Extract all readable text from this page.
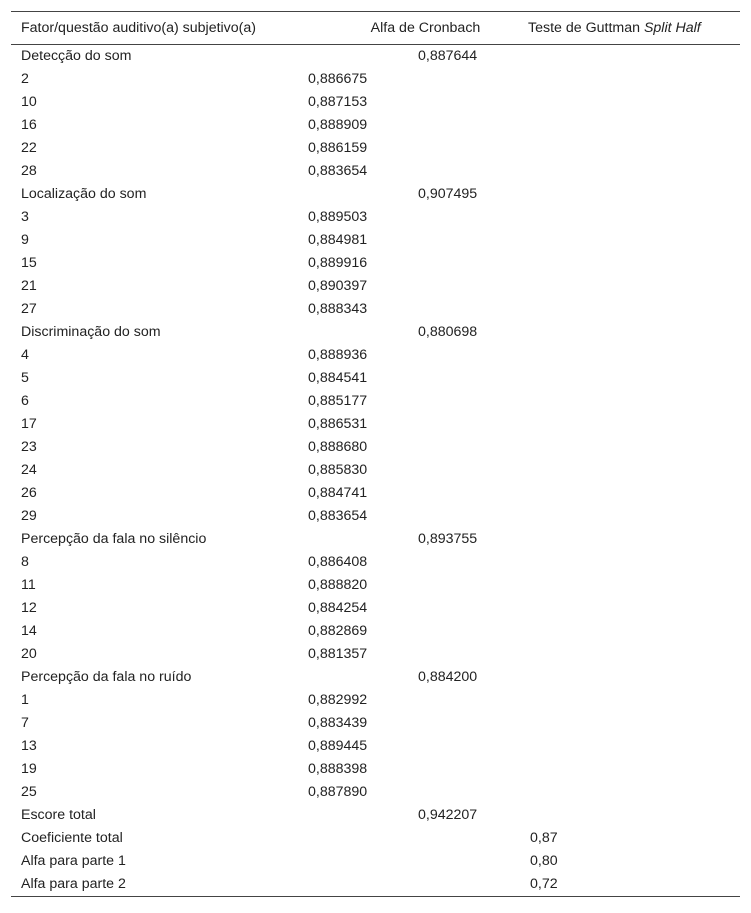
Fator/questão auditivo(a) subjetivo(a)	Alfa de Cronbach	Teste de Guttman Split Half
Detecção do som	0,887644	

2	0,886675	

10	0,887153	

16	0,888909	

22	0,886159	

28	0,883654	

Localização do som	0,907495	

3	0,889503	

9	0,884981	

15	0,889916	

21	0,890397	

27	0,888343	

Discriminação do som	0,880698	

4	0,888936	

5	0,884541	

6	0,885177	

17	0,886531	

23	0,888680	

24	0,885830	

26	0,884741	

29	0,883654	

Percepção da fala no silêncio	0,893755	

8	0,886408	

11	0,888820	

12	0,884254	

14	0,882869	

20	0,881357	

Percepção da fala no ruído	0,884200	

1	0,882992	

7	0,883439	

13	0,889445	

19	0,888398	

25	0,887890	

Escore total	0,942207	

Coeficiente total		0,87
Alfa para parte 1		0,80
Alfa para parte 2		0,72
